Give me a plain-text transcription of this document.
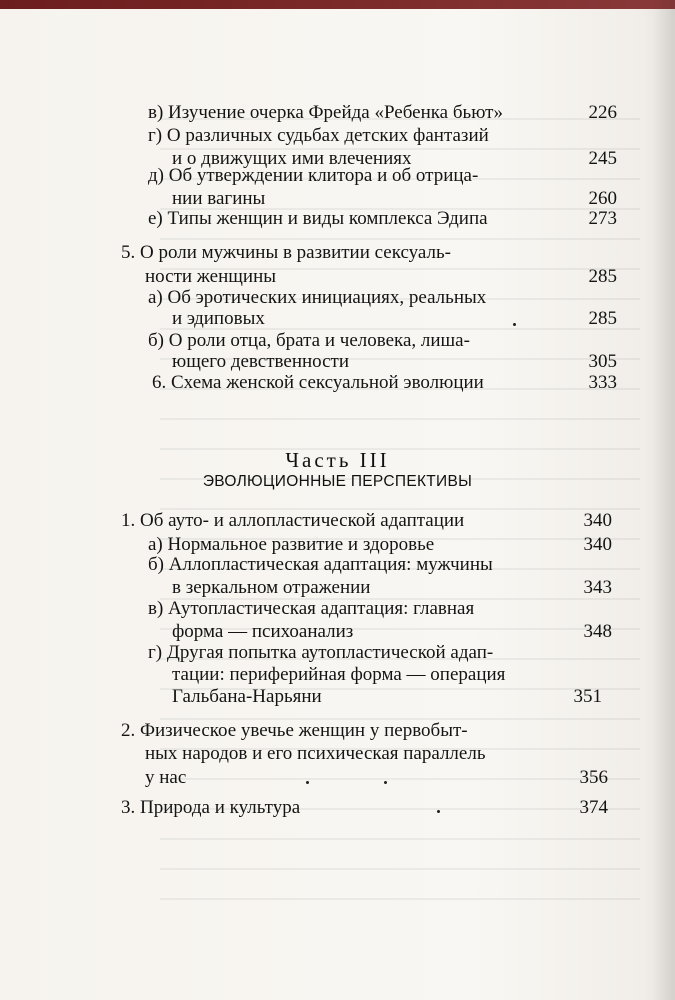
в) Изучение очерка Фрейда «Ребенка бьют»	226
г) О различных судьбах детских фантазий
и о движущих ими влечениях	245
д) Об утверждении клитора и об отрица-
нии вагины	260
е) Типы женщин и виды комплекса Эдипа	273
5. О роли мужчины в развитии сексуаль-
ности женщины	285
а) Об эротических инициациях, реальных
и эдиповых	285
б) О роли отца, брата и человека, лиша-
ющего девственности	305
6. Схема женской сексуальной эволюции	333
Часть III
ЭВОЛЮЦИОННЫЕ ПЕРСПЕКТИВЫ
1. Об ауто- и аллопластической адаптации	340
а) Нормальное развитие и здоровье	340
б) Аллопластическая адаптация: мужчины
в зеркальном отражении	343
в) Аутопластическая адаптация: главная
форма — психоанализ	348
г) Другая попытка аутопластической адап-
тации: периферийная форма — операция
Гальбана-Нарьяни	351
2. Физическое увечье женщин у первобыт-
ных народов и его психическая параллель
у нас	356
3. Природа и культура	374
